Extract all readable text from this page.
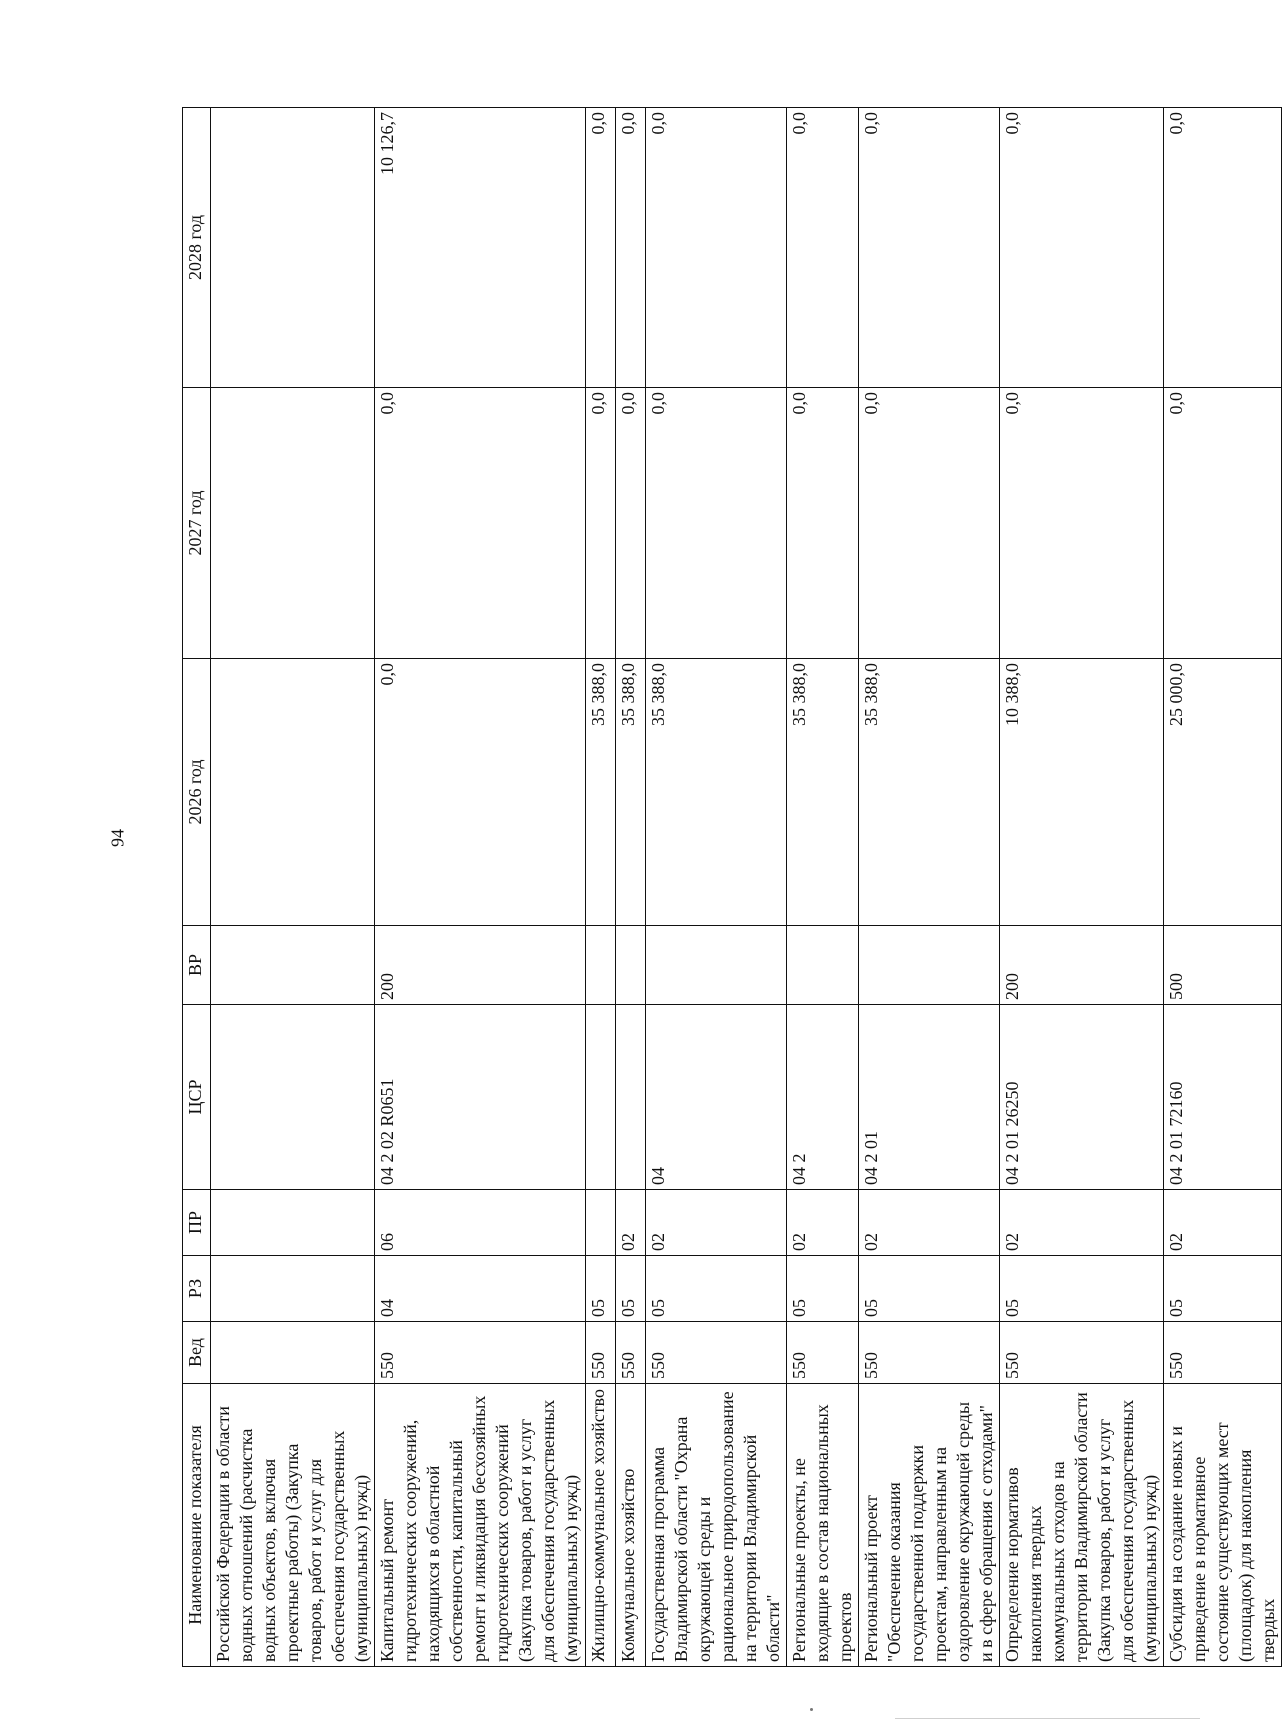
94
Наименование показателя	Вед	РЗ	ПР	ЦСР	ВР	2026 год	2027 год	2028 год
Российской Федерации в области водных отношений (расчистка водных объектов, включая проектные работы) (Закупка товаров, работ и услуг для обеспечения государственных (муниципальных) нужд)								
Капитальный ремонт гидротехнических сооружений, находящихся в областной собственности, капитальный ремонт и ликвидация бесхозяйных гидротехнических сооружений (Закупка товаров, работ и услуг для обеспечения государственных (муниципальных) нужд)	550	04	06	04 2 02 R0651	200	0,0	0,0	10 126,7
Жилищно-коммунальное хозяйство	550	05				35 388,0	0,0	0,0
Коммунальное хозяйство	550	05	02			35 388,0	0,0	0,0
Государственная программа Владимирской области "Охрана окружающей среды и рациональное природопользование на территории Владимирской области"	550	05	02	04		35 388,0	0,0	0,0
Региональные проекты, не входящие в состав национальных проектов	550	05	02	04 2		35 388,0	0,0	0,0
Региональный проект "Обеспечение оказания государственной поддержки проектам, направленным на оздоровление окружающей среды и в сфере обращения с отходами"	550	05	02	04 2 01		35 388,0	0,0	0,0
Определение нормативов накопления твердых коммунальных отходов на территории Владимирской области (Закупка товаров, работ и услуг для обеспечения государственных (муниципальных) нужд)	550	05	02	04 2 01 26250	200	10 388,0	0,0	0,0
Субсидия на создание новых и приведение в нормативное состояние существующих мест (площадок) для накопления твердых	550	05	02	04 2 01 72160	500	25 000,0	0,0	0,0
